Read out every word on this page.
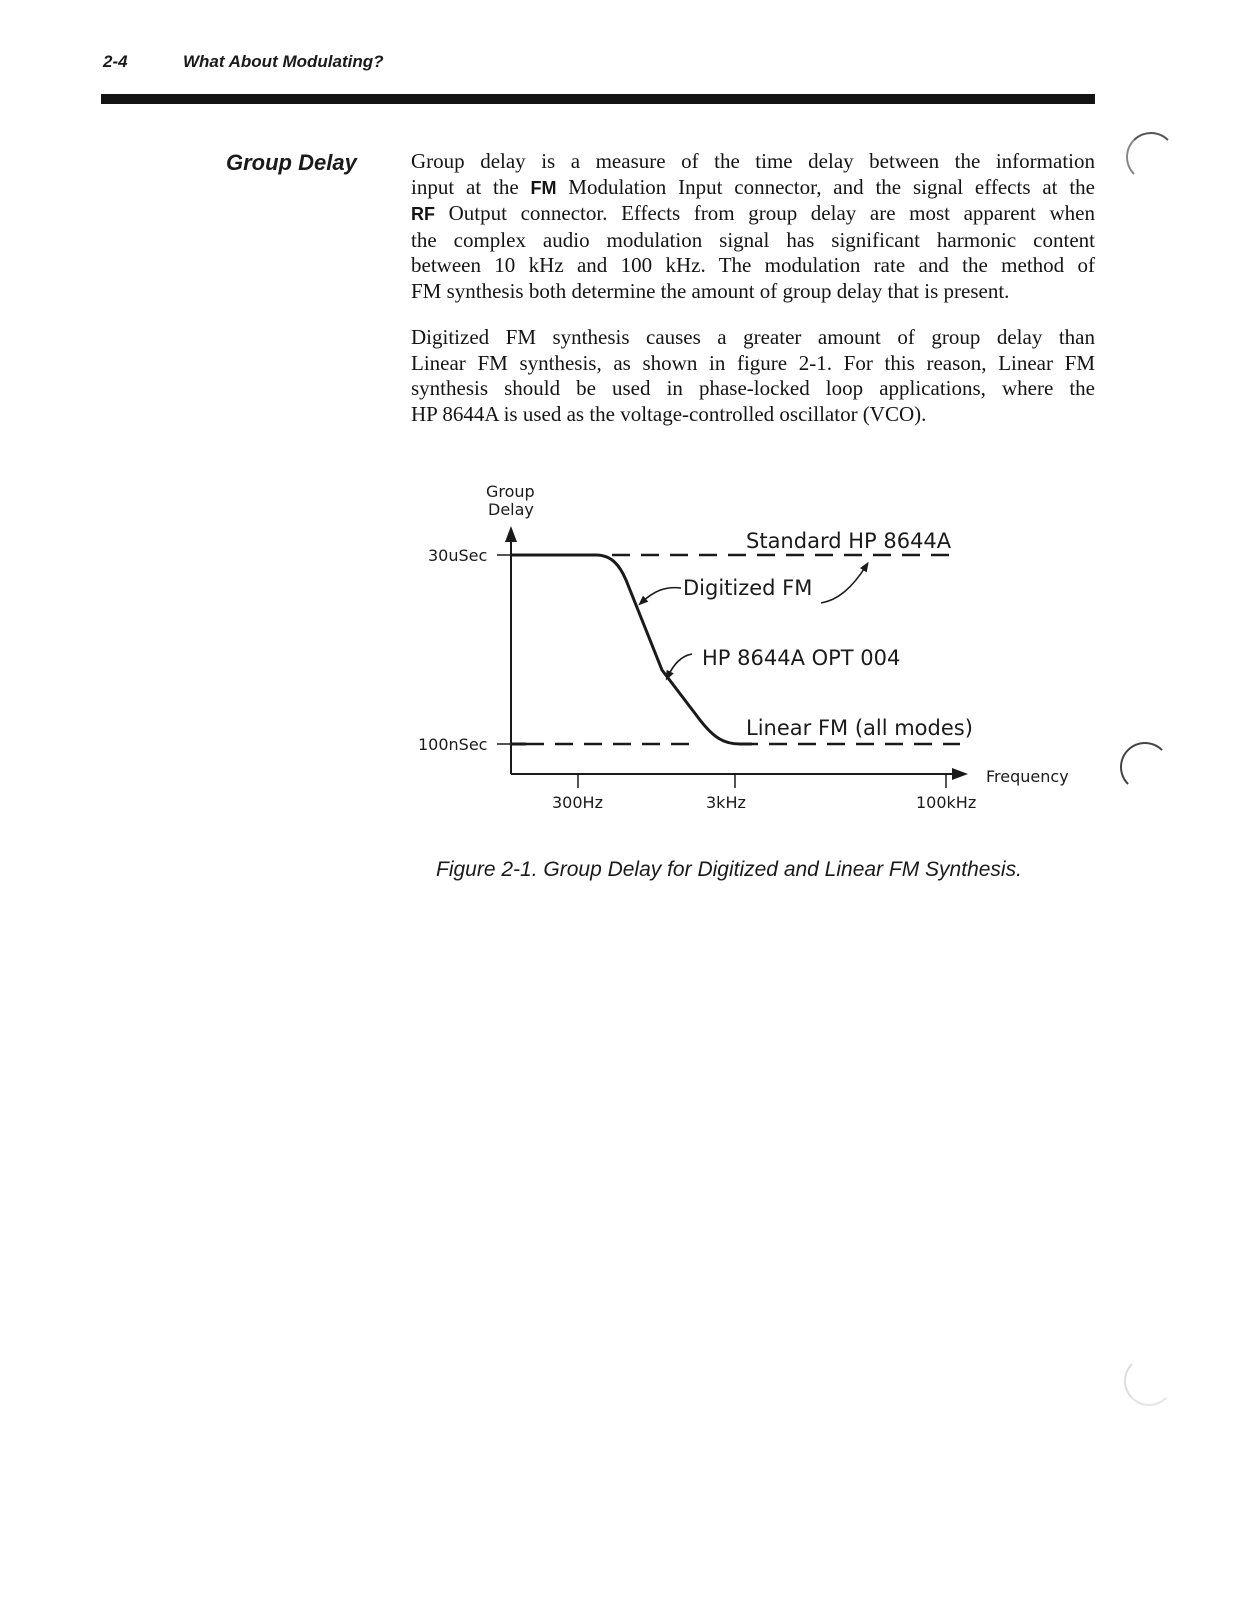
2-4	What About Modulating?
Group Delay	Group delay is a measure of the time delay between the information
input at the FM Modulation Input connector, and the signal effects at the
RF Output connector. Effects from group delay are most apparent when
the complex audio modulation signal has significant harmonic content
between 10 kHz and 100 kHz. The modulation rate and the method of
FM synthesis both determine the amount of group delay that is present.
Digitized FM synthesis causes a greater amount of group delay than
Linear FM synthesis, as shown in figure 2-1. For this reason, Linear FM
synthesis should be used in phase-locked loop applications, where the
HP 8644A is used as the voltage-controlled oscillator (VCO).
Group
Delay
Frequency
30uSec
100nSec
300Hz	3kHz	100kHz
Standard HP 8644A
Digitized FM
HP 8644A OPT 004
Linear FM (all modes)
Figure 2-1. Group Delay for Digitized and Linear FM Synthesis.
